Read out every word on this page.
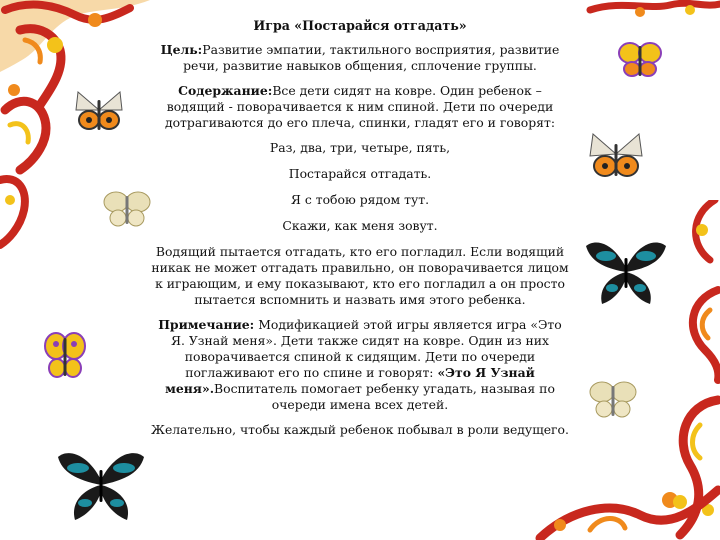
Игра «Постарайся отгадать»

Цель:Развитие эмпатии, тактильного восприятия, развитие речи, развитие навыков общения, сплочение группы.

Содержание:Все дети сидят на ковре. Один ребенок – водящий - поворачивается к ним спиной. Дети по очереди дотрагиваются до его плеча, спинки, гладят его и говорят:

Раз, два, три, четыре, пять,
Постарайся отгадать.
Я с тобою рядом тут.
Скажи, как меня зовут.

Водящий пытается отгадать, кто его погладил. Если водящий никак не может отгадать правильно, он поворачивается лицом к играющим, и ему показывают, кто его погладил а он просто пытается вспомнить и назвать имя этого ребенка.

Примечание: Модификацией этой игры является игра «Это Я. Узнай меня». Дети также сидят на ковре. Один из них поворачивается спиной к сидящим. Дети по очереди поглаживают его по спине и говорят: «Это Я Узнай меня».Воспитатель помогает ребенку угадать, называя по очереди имена всех детей.

Желательно, чтобы каждый ребенок побывал в роли ведущего.
